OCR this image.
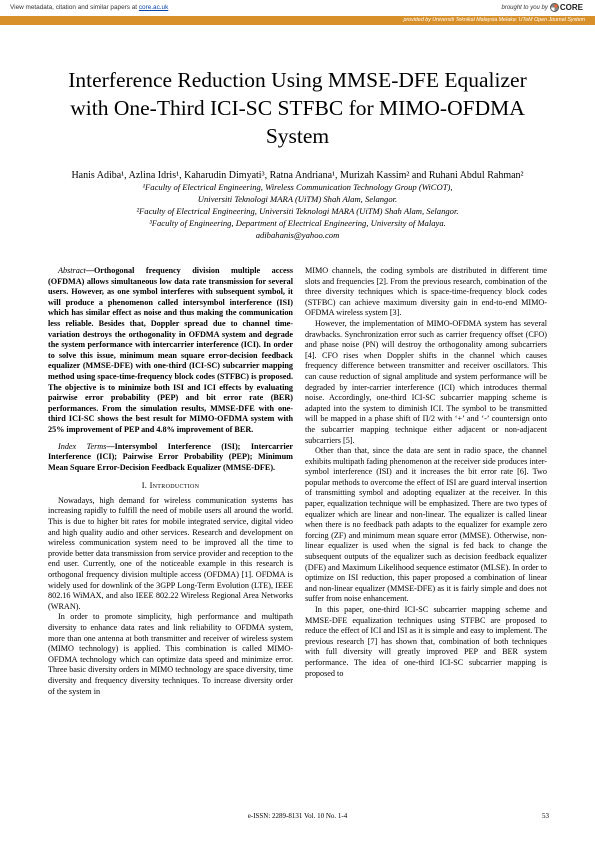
View metadata, citation and similar papers at core.ac.uk	brought to you by CORE
provided by Universiti Teknikal Malaysia Melaka: UTeM Open Journal System
Interference Reduction Using MMSE-DFE Equalizer with One-Third ICI-SC STFBC for MIMO-OFDMA System
Hanis Adiba¹, Azlina Idris¹, Kaharudin Dimyati³, Ratna Andriana¹, Murizah Kassim² and Ruhani Abdul Rahman²
¹Faculty of Electrical Engineering, Wireless Communication Technology Group (WiCOT),
Universiti Teknologi MARA (UiTM) Shah Alam, Selangor.
²Faculty of Electrical Engineering, Universiti Teknologi MARA (UiTM) Shah Alam, Selangor.
³Faculty of Engineering, Department of Electrical Engineering, University of Malaya.
adibahanis@yahoo.com

Abstract—Orthogonal frequency division multiple access (OFDMA) allows simultaneous low data rate transmission for several users. However, as one symbol interferes with subsequent symbol, it will produce a phenomenon called intersymbol interference (ISI) which has similar effect as noise and thus making the communication less reliable. Besides that, Doppler spread due to channel time-variation destroys the orthogonality in OFDMA system and degrade the system performance with intercarrier interference (ICI). In order to solve this issue, minimum mean square error-decision feedback equalizer (MMSE-DFE) with one-third (ICI-SC) subcarrier mapping method using space-time-frequency block codes (STFBC) is proposed. The objective is to minimize both ISI and ICI effects by evaluating pairwise error probability (PEP) and bit error rate (BER) performances. From the simulation results, MMSE-DFE with one-third ICI-SC shows the best result for MIMO-OFDMA system with 25% improvement of PEP and 4.8% improvement of BER.

Index Terms—Intersymbol Interference (ISI); Intercarrier Interference (ICI); Pairwise Error Probability (PEP); Minimum Mean Square Error-Decision Feedback Equalizer (MMSE-DFE).

I. Introduction

Nowadays, high demand for wireless communication systems has increasing rapidly to fulfill the need of mobile users all around the world. This is due to higher bit rates for mobile integrated service, digital video and high quality audio and other services. Research and development on wireless communication system need to be improved all the time to provide better data transmission from service provider and reception to the end user. Currently, one of the noticeable example in this research is orthogonal frequency division multiple access (OFDMA) [1]. OFDMA is widely used for downlink of the 3GPP Long-Term Evolution (LTE), IEEE 802.16 WiMAX, and also IEEE 802.22 Wireless Regional Area Networks (WRAN).

In order to promote simplicity, high performance and multipath diversity to enhance data rates and link reliability to OFDMA system, more than one antenna at both transmitter and receiver of wireless system (MIMO technology) is applied. This combination is called MIMO-OFDMA technology which can optimize data speed and minimize error. Three basic diversity orders in MIMO technology are space diversity, time diversity and frequency diversity techniques. To increase diversity order of the system in

MIMO channels, the coding symbols are distributed in different time slots and frequencies [2]. From the previous research, combination of the three diversity techniques which is space-time-frequency block codes (STFBC) can achieve maximum diversity gain in end-to-end MIMO-OFDMA wireless system [3].

However, the implementation of MIMO-OFDMA system has several drawbacks. Synchronization error such as carrier frequency offset (CFO) and phase noise (PN) will destroy the orthogonality among subcarriers [4]. CFO rises when Doppler shifts in the channel which causes frequency difference between transmitter and receiver oscillators. This can cause reduction of signal amplitude and system performance will be degraded by inter-carrier interference (ICI) which introduces thermal noise. Accordingly, one-third ICI-SC subcarrier mapping scheme is adapted into the system to diminish ICI. The symbol to be transmitted will be mapped in a phase shift of Π/2 with ‘+’ and ‘-’ countersign onto the subcarrier mapping technique either adjacent or non-adjacent subcarriers [5].

Other than that, since the data are sent in radio space, the channel exhibits multipath fading phenomenon at the receiver side produces inter-symbol interference (ISI) and it increases the bit error rate [6]. Two popular methods to overcome the effect of ISI are guard interval insertion of transmitting symbol and adopting equalizer at the receiver. In this paper, equalization technique will be emphasized. There are two types of equalizer which are linear and non-linear. The equalizer is called linear when there is no feedback path adapts to the equalizer for example zero forcing (ZF) and minimum mean square error (MMSE). Otherwise, non-linear equalizer is used when the signal is fed back to change the subsequent outputs of the equalizer such as decision feedback equalizer (DFE) and Maximum Likelihood sequence estimator (MLSE). In order to optimize on ISI reduction, this paper proposed a combination of linear and non-linear equalizer (MMSE-DFE) as it is fairly simple and does not suffer from noise enhancement.

In this paper, one-third ICI-SC subcarrier mapping scheme and MMSE-DFE equalization techniques using STFBC are proposed to reduce the effect of ICI and ISI as it is simple and easy to implement. The previous research [7] has shown that, combination of both techniques with full diversity will greatly improved PEP and BER system performance. The idea of one-third ICI-SC subcarrier mapping is proposed to

e-ISSN: 2289-8131 Vol. 10 No. 1-4	53
